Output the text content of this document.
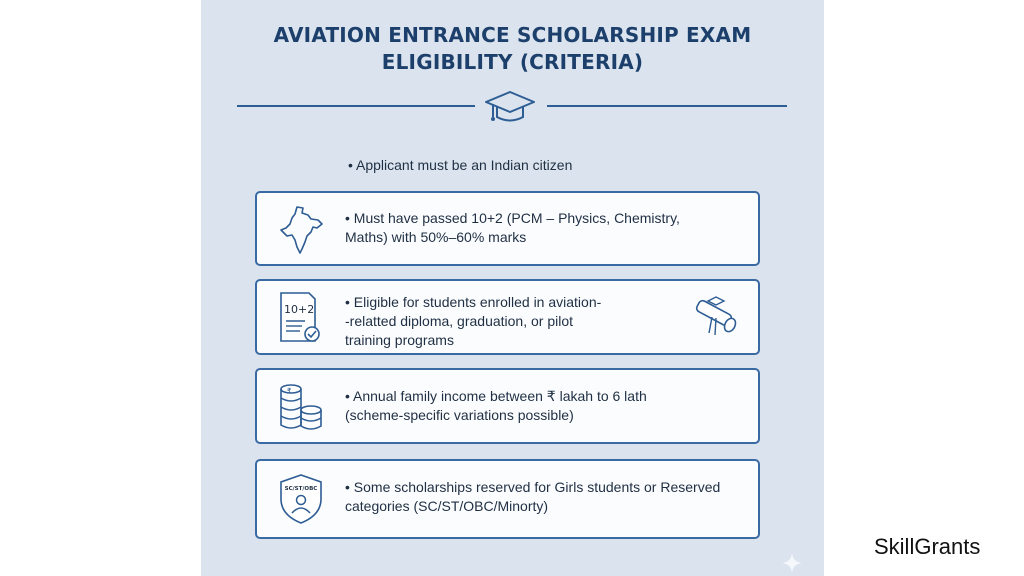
AVIATION ENTRANCE SCHOLARSHIP EXAM
ELIGIBILITY (CRITERIA)
• Applicant must be an Indian citizen
• Must have passed 10+2 (PCM – Physics, Chemistry,
Maths) with 50%–60% marks
10+2 • Eligible for students enrolled in aviation-
-relatted diploma, graduation, or pilot
training programs
₹	• Annual family income between ₹ lakah to 6 lath
(scheme-specific variations possible)
SC/ST/OBC • Some scholarships reserved for Girls students or Reserved
categories (SC/ST/OBC/Minorty)
SkillGrants
